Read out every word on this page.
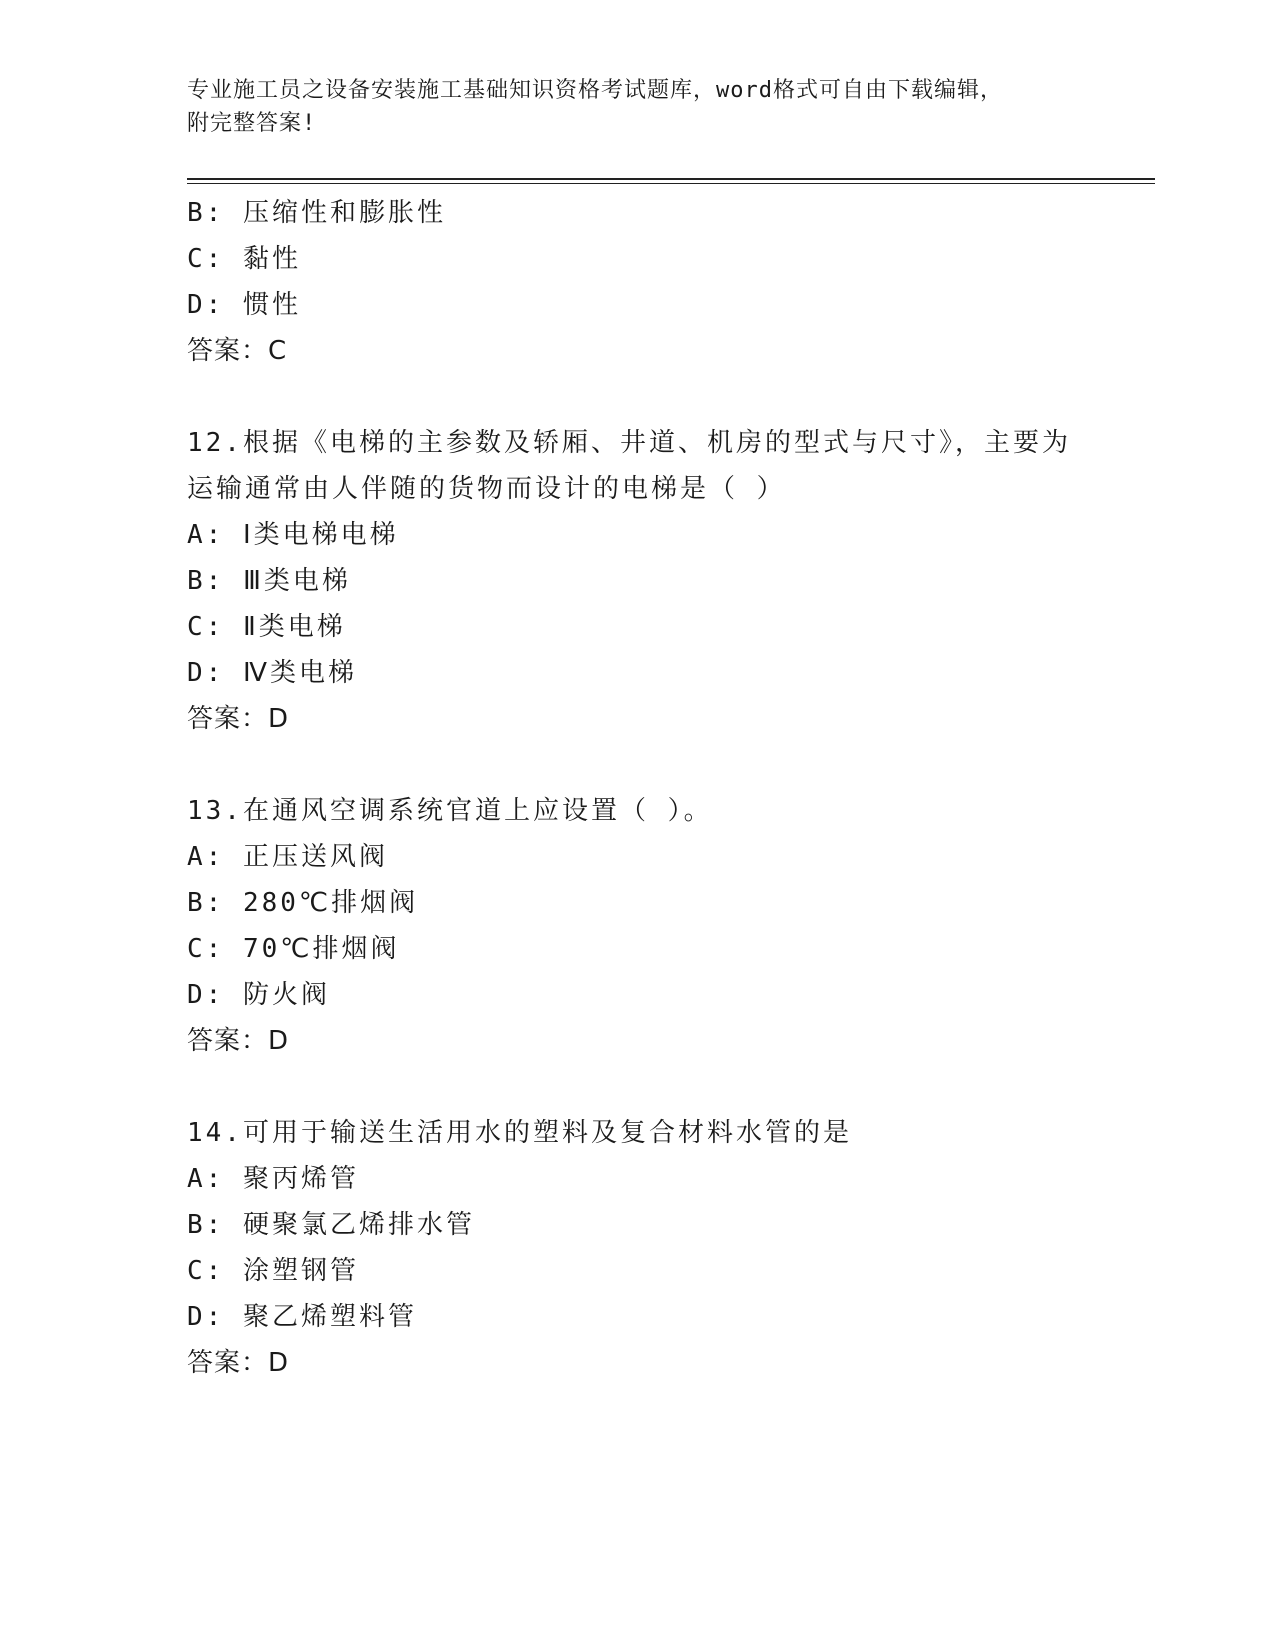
专业施工员之设备安装施工基础知识资格考试题库，word格式可自由下载编辑，
附完整答案!
B: 压缩性和膨胀性
C: 黏性
D: 惯性
答案：C
12.根据《电梯的主参数及轿厢、井道、机房的型式与尺寸》，主要为
运输通常由人伴随的货物而设计的电梯是（ ）
A: Ⅰ类电梯电梯
B: Ⅲ类电梯
C: Ⅱ类电梯
D: Ⅳ类电梯
答案：D
13.在通风空调系统官道上应设置（ ）。
A: 正压送风阀
B: 280℃排烟阀
C: 70℃排烟阀
D: 防火阀
答案：D
14.可用于输送生活用水的塑料及复合材料水管的是
A: 聚丙烯管
B: 硬聚氯乙烯排水管
C: 涂塑钢管
D: 聚乙烯塑料管
答案：D
